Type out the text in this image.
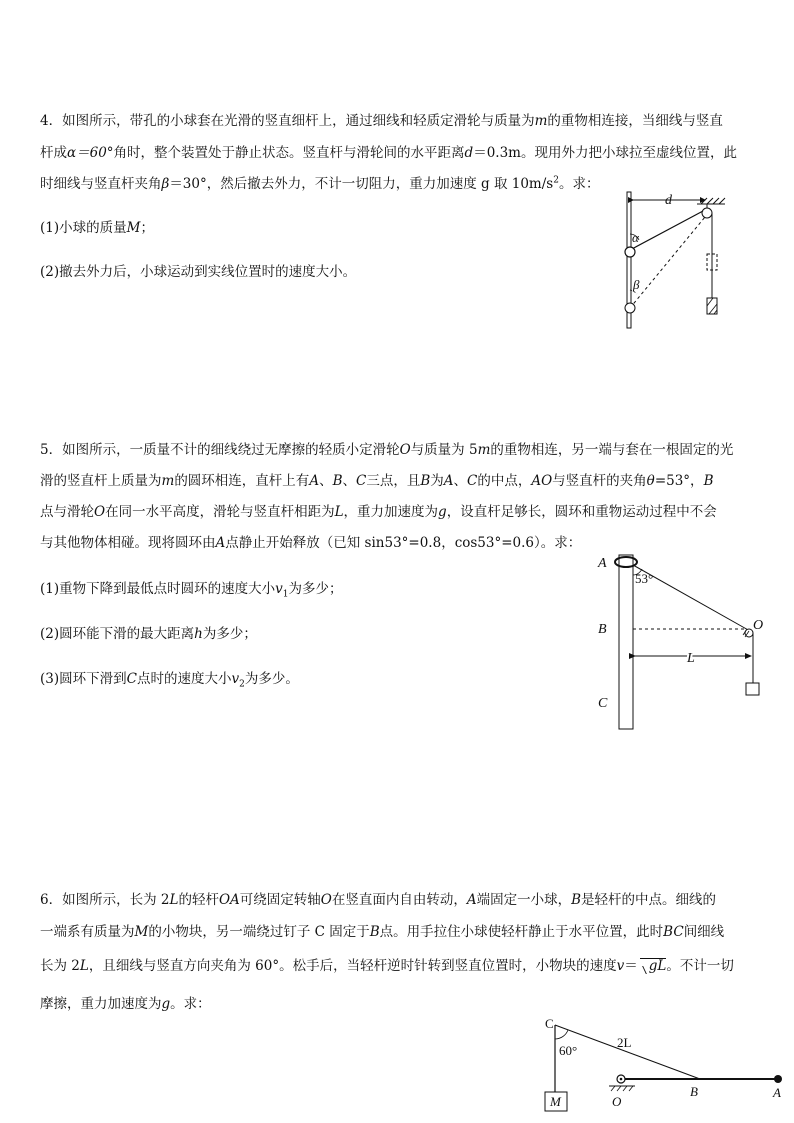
4．如图所示，带孔的小球套在光滑的竖直细杆上，通过细线和轻质定滑轮与质量为m的重物相连接，当细线与竖直

杆成α＝60°角时，整个装置处于静止状态。竖直杆与滑轮间的水平距离d＝0.3m。现用外力把小球拉至虚线位置，此

时细线与竖直杆夹角β＝30°，然后撤去外力，不计一切阻力，重力加速度 g 取 $10m/s^2$。求：

(1)小球的质量M；

(2)撤去外力后，小球运动到实线位置时的速度大小。

d
α
β

5．如图所示，一质量不计的细线绕过无摩擦的轻质小定滑轮O与质量为 5m的重物相连，另一端与套在一根固定的光

滑的竖直杆上质量为m的圆环相连，直杆上有A、B、C三点，且B为A、C的中点，AO与竖直杆的夹角θ=53°，B

点与滑轮O在同一水平高度，滑轮与竖直杆相距为L，重力加速度为g，设直杆足够长，圆环和重物运动过程中不会

与其他物体相碰。现将圆环由A点静止开始释放（已知 sin53°=0.8，cos53°=0.6）。求：

(1)重物下降到最低点时圆环的速度大小$v_1$为多少；

(2)圆环能下滑的最大距离h为多少；

(3)圆环下滑到C点时的速度大小$v_2$为多少。

A
53°
B	O
L
C

6．如图所示，长为 2L的轻杆OA可绕固定转轴O在竖直面内自由转动，A端固定一小球，B是轻杆的中点。细线的

一端系有质量为M的小物块，另一端绕过钉子 C 固定于B点。用手拉住小球使轻杆静止于水平位置，此时BC间细线

长为 2L，且细线与竖直方向夹角为 60°。松手后，当轻杆逆时针转到竖直位置时，小物块的速度v＝ gL。不计一切

摩擦，重力加速度为g。求：

M
60°
C
2L
O
B	A
